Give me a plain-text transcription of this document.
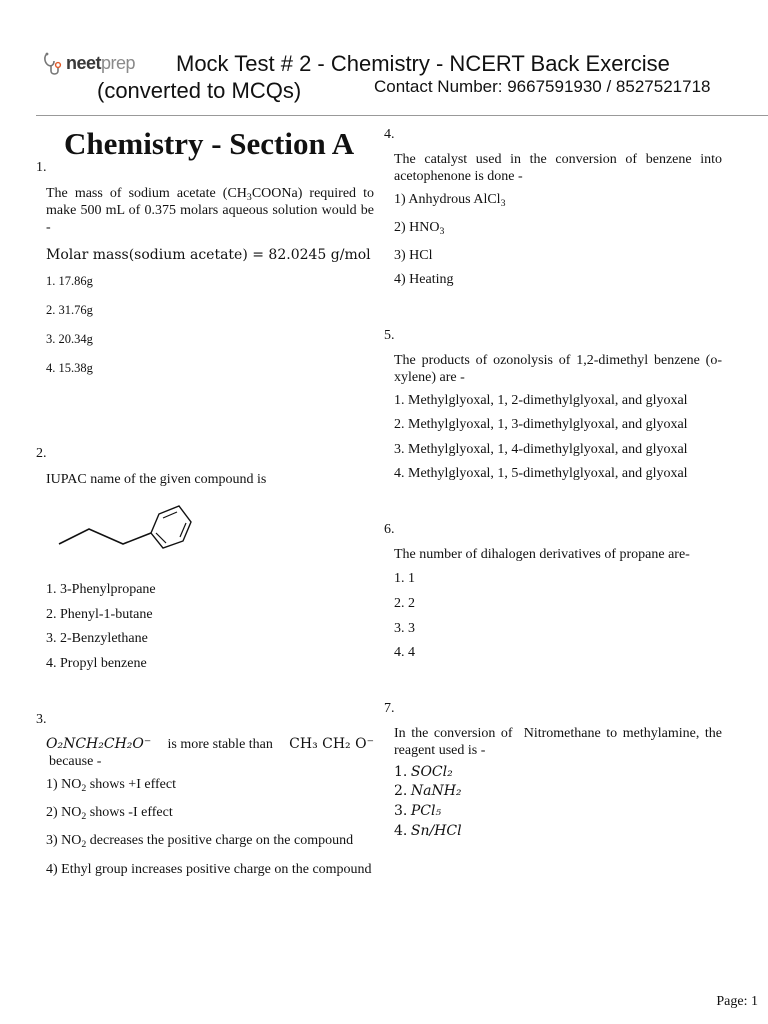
neetprep Mock Test # 2 - Chemistry - NCERT Back Exercise
(converted to MCQs)	Contact Number: 9667591930 / 8527521718
Chemistry - Section A
1.
The mass of sodium acetate $(CH_3COONa)$ required to make 500 mL of 0.375 molars aqueous solution would be -
Molar mass(sodium acetate) = 82.0245 g/mol
1. 17.86g
2. 31.76g
3. 20.34g
4. 15.38g
2.
IUPAC name of the given compound is
1. 3-Phenylpropane
2. Phenyl-1-butane
3. 2-Benzylethane
4. Propyl benzene
3.
O₂NCH₂CH₂O⁻ is more stable than CH₃ CH₂ O⁻
because -
1) $NO_2$ shows +I effect
2) $NO_2$ shows -I effect
3) $NO_2$ decreases the positive charge on the compound
4) Ethyl group increases positive charge on the compound
4.
The catalyst used in the conversion of benzene into acetophenone is done -
1) Anhydrous AlCl$_3$
2) $HNO_3$
3) HCl
4) Heating
5.
The products of ozonolysis of 1,2-dimethyl benzene (o-xylene) are -
1. Methylglyoxal, 1, 2-dimethylglyoxal, and glyoxal
2. Methylglyoxal, 1, 3-dimethylglyoxal, and glyoxal
3. Methylglyoxal, 1, 4-dimethylglyoxal, and glyoxal
4. Methylglyoxal, 1, 5-dimethylglyoxal, and glyoxal
6.
The number of dihalogen derivatives of propane are-
1. 1
2. 2
3. 3
4. 4
7.
In the conversion of  Nitromethane to methylamine, the reagent used is -
1. SOCl₂
2. NaNH₂
3. PCl₅
4. Sn/HCl
Page: 1
